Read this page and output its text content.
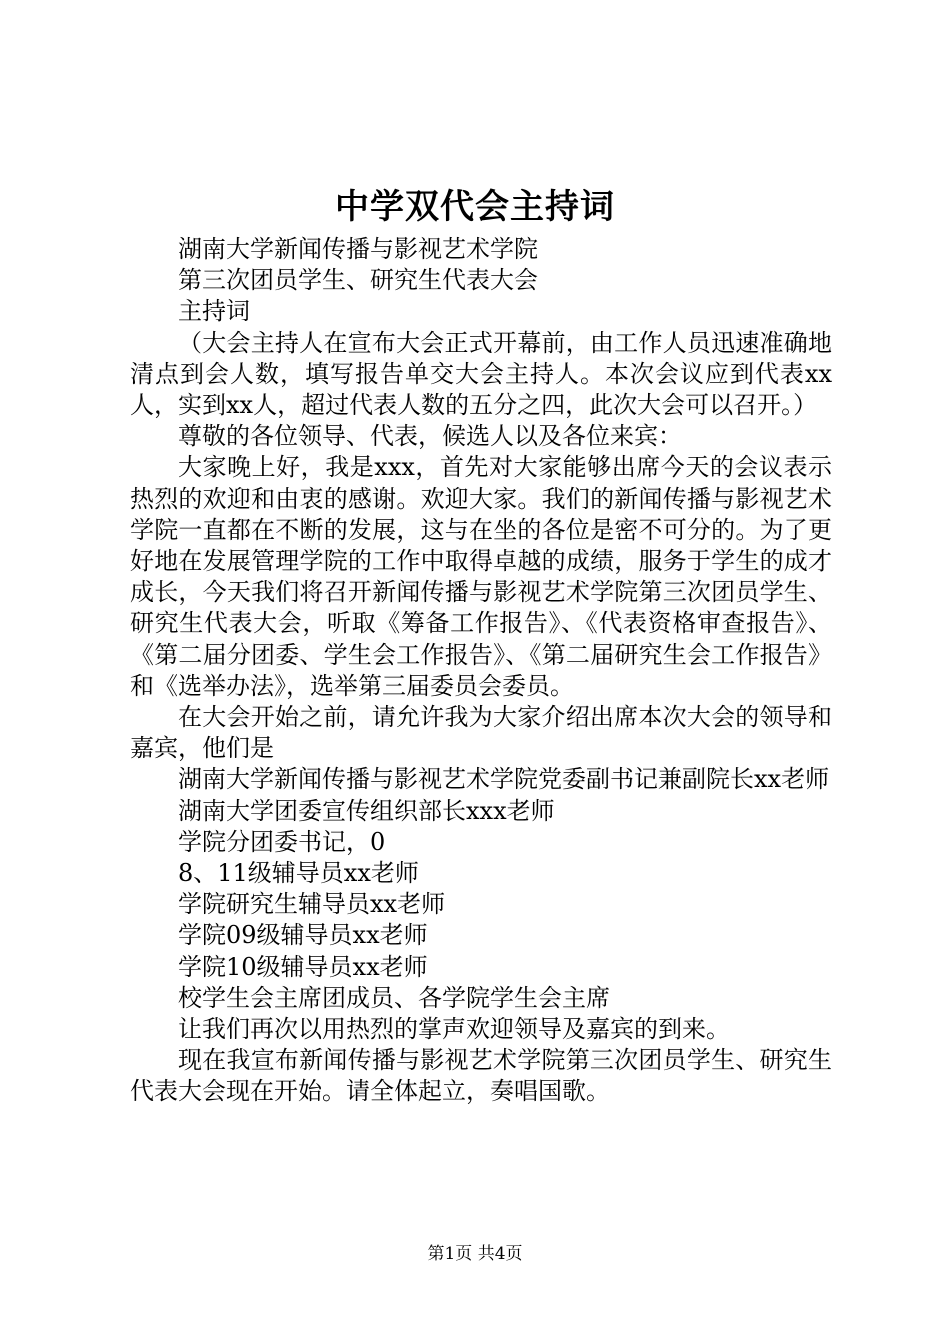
中学双代会主持词

湖南大学新闻传播与影视艺术学院

第三次团员学生、研究生代表大会

主持词

（大会主持人在宣布大会正式开幕前，由工作人员迅速准确地清点到会人数，填写报告单交大会主持人。本次会议应到代表xx人，实到xx人，超过代表人数的五分之四，此次大会可以召开。）

尊敬的各位领导、代表，候选人以及各位来宾：

大家晚上好，我是xxx，首先对大家能够出席今天的会议表示热烈的欢迎和由衷的感谢。欢迎大家。我们的新闻传播与影视艺术学院一直都在不断的发展，这与在坐的各位是密不可分的。为了更好地在发展管理学院的工作中取得卓越的成绩，服务于学生的成才成长，今天我们将召开新闻传播与影视艺术学院第三次团员学生、研究生代表大会，听取《筹备工作报告》、《代表资格审查报告》、《第二届分团委、学生会工作报告》、《第二届研究生会工作报告》和《选举办法》，选举第三届委员会委员。

在大会开始之前，请允许我为大家介绍出席本次大会的领导和嘉宾，他们是

湖南大学新闻传播与影视艺术学院党委副书记兼副院长xx老师

湖南大学团委宣传组织部长xxx老师

学院分团委书记，0

8、11级辅导员xx老师

学院研究生辅导员xx老师

学院09级辅导员xx老师

学院10级辅导员xx老师

校学生会主席团成员、各学院学生会主席

让我们再次以用热烈的掌声欢迎领导及嘉宾的到来。

现在我宣布新闻传播与影视艺术学院第三次团员学生、研究生代表大会现在开始。请全体起立，奏唱国歌。

第1页 共4页
